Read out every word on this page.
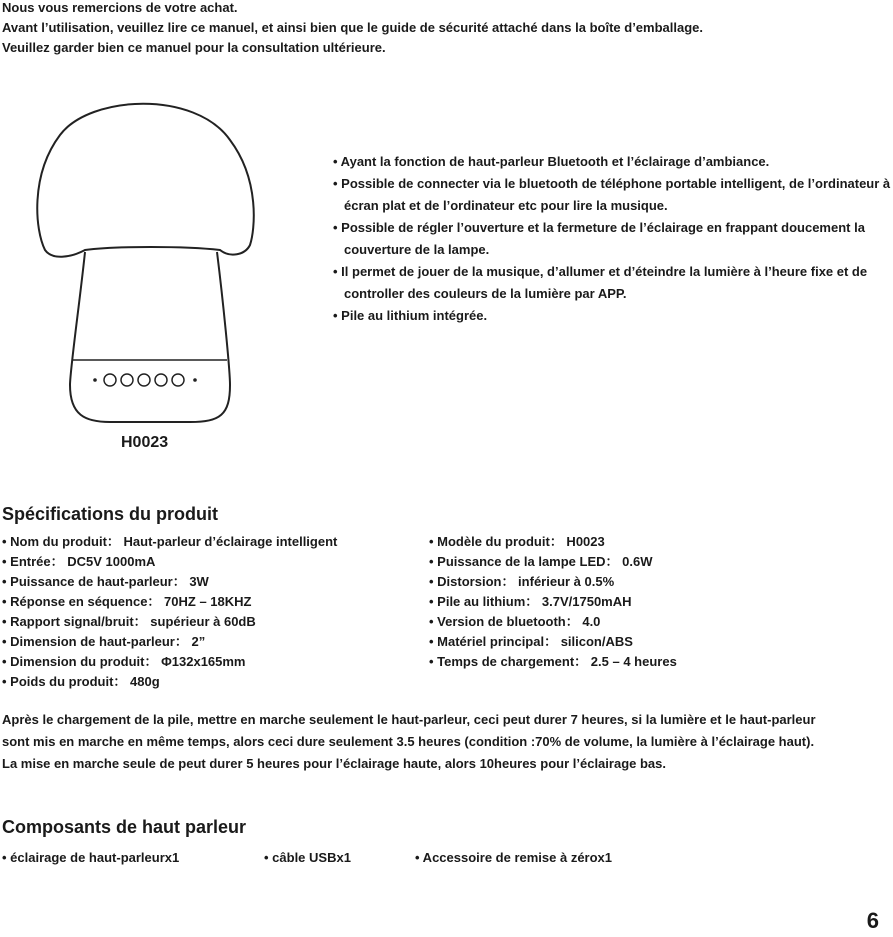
Nous vous remercions de votre achat.
Avant l’utilisation, veuillez lire ce manuel, et ainsi bien que le guide de sécurité attaché dans la boîte d’emballage.
Veuillez garder bien ce manuel pour la consultation ultérieure.
H0023
• Ayant la fonction de haut-parleur Bluetooth et l’éclairage d’ambiance.
• Possible de connecter via le bluetooth de téléphone portable intelligent, de l’ordinateur à écran plat et de l’ordinateur etc pour lire la musique.
• Possible de régler l’ouverture et la fermeture de l’éclairage en frappant doucement la couverture de la lampe.
• Il permet de jouer de la musique, d’allumer et d’éteindre la lumière à l’heure fixe et de controller des couleurs de la lumière par APP.
• Pile au lithium intégrée.
Spécifications du produit
• Nom du produit： Haut-parleur d’éclairage intelligent
• Entrée： DC5V 1000mA
• Puissance de haut-parleur： 3W
• Réponse en séquence： 70HZ – 18KHZ
• Rapport signal/bruit： supérieur à 60dB
• Dimension de haut-parleur： 2”
• Dimension du produit： Φ132x165mm
• Poids du produit： 480g
• Modèle du produit： H0023
• Puissance de la lampe LED： 0.6W
• Distorsion： inférieur à 0.5%
• Pile au lithium： 3.7V/1750mAH
• Version de bluetooth： 4.0
• Matériel principal： silicon/ABS
• Temps de chargement： 2.5 – 4 heures
Après le chargement de la pile, mettre en marche seulement le haut-parleur, ceci peut durer 7 heures, si la lumière et le haut-parleur sont mis en marche en même temps, alors ceci dure seulement 3.5 heures (condition :70% de volume, la lumière à l’éclairage haut). La mise en marche seule de peut durer 5 heures pour l’éclairage haute, alors 10heures pour l’éclairage bas.
Composants de haut parleur
• éclairage de haut-parleurx1	• câble USBx1	• Accessoire de remise à zérox1
6
